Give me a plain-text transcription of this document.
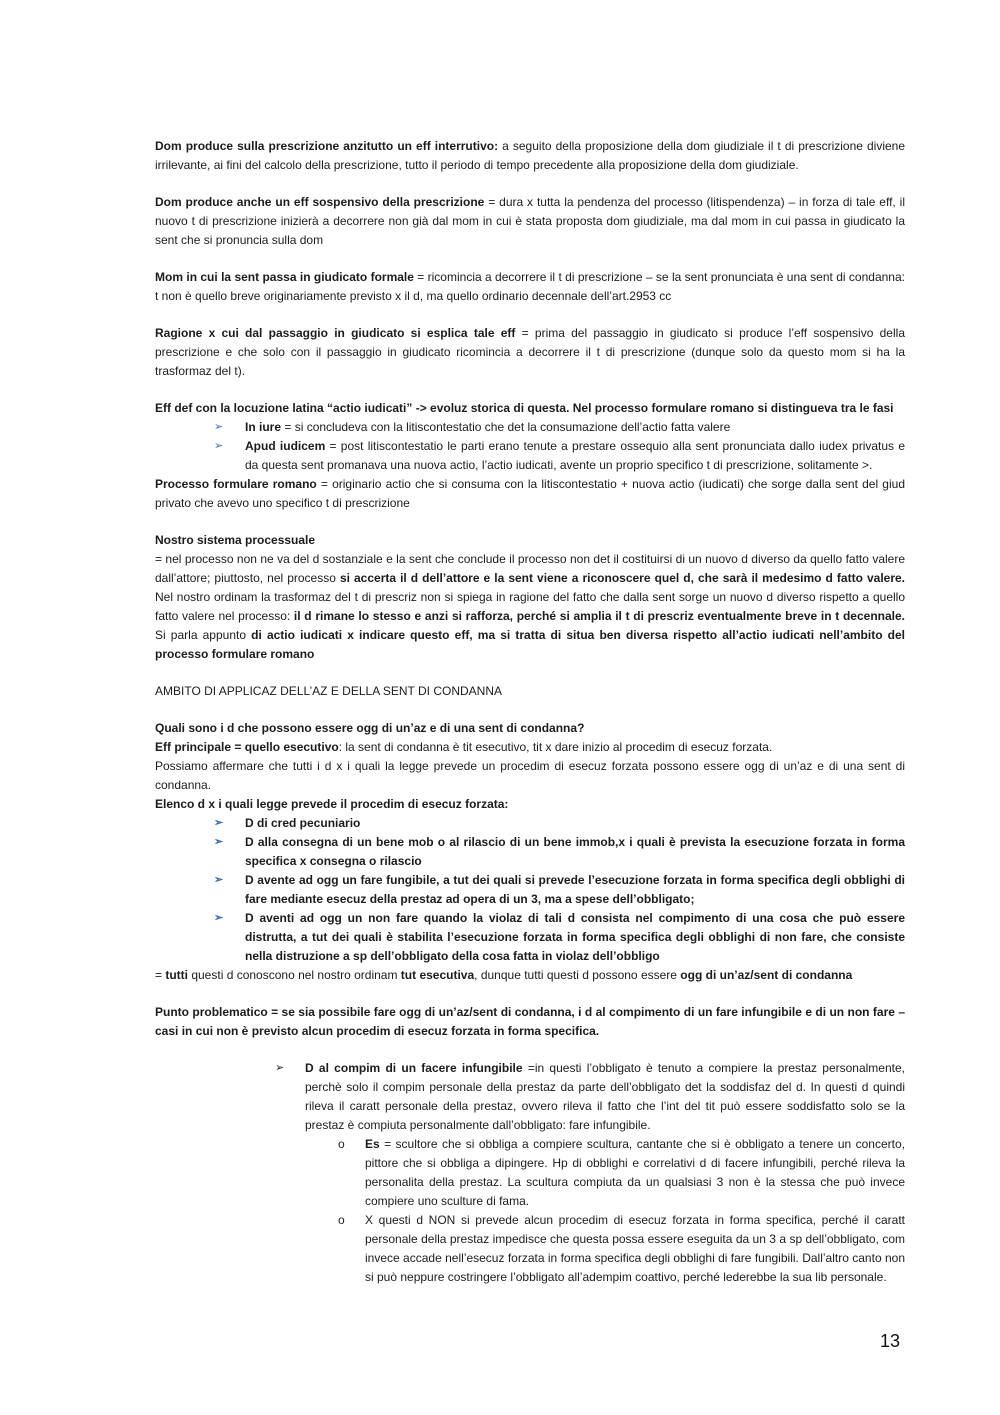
Dom produce sulla prescrizione anzitutto un eff interrutivo: a seguito della proposizione della dom giudiziale il t di prescrizione diviene irrilevante, ai fini del calcolo della prescrizione, tutto il periodo di tempo precedente alla proposizione della dom giudiziale.

Dom produce anche un eff sospensivo della prescrizione = dura x tutta la pendenza del processo (litispendenza) – in forza di tale eff, il nuovo t di prescrizione inizierà a decorrere non già dal mom in cui è stata proposta dom giudiziale, ma dal mom in cui passa in giudicato la sent che si pronuncia sulla dom

Mom in cui la sent passa in giudicato formale = ricomincia a decorrere il t di prescrizione – se la sent pronunciata è una sent di condanna: t non è quello breve originariamente previsto x il d, ma quello ordinario decennale dell’art.2953 cc

Ragione x cui dal passaggio in giudicato si esplica tale eff = prima del passaggio in giudicato si produce l’eff sospensivo della prescrizione e che solo con il passaggio in giudicato ricomincia a decorrere il t di prescrizione (dunque solo da questo mom si ha la trasformaz del t).

Eff def con la locuzione latina “actio iudicati” -> evoluz storica di questa. Nel processo formulare romano si distingueva tra le fasi

➢ In iure = si concludeva con la litiscontestatio che det la consumazione dell’actio fatta valere
➢ Apud iudicem = post litiscontestatio le parti erano tenute a prestare ossequio alla sent pronunciata dallo iudex privatus e da questa sent promanava una nuova actio, l’actio iudicati, avente un proprio specifico t di prescrizione, solitamente >.

Processo formulare romano = originario actio che si consuma con la litiscontestatio + nuova actio (iudicati) che sorge dalla sent del giud privato che avevo uno specifico t di prescrizione

Nostro sistema processuale

= nel processo non ne va del d sostanziale e la sent che conclude il processo non det il costituirsi di un nuovo d diverso da quello fatto valere dall’attore; piuttosto, nel processo si accerta il d dell’attore e la sent viene a riconoscere quel d, che sarà il medesimo d fatto valere. Nel nostro ordinam la trasformaz del t di prescriz non si spiega in ragione del fatto che dalla sent sorge un nuovo d diverso rispetto a quello fatto valere nel processo: il d rimane lo stesso e anzi si rafforza, perché si amplia il t di prescriz eventualmente breve in t decennale. Si parla appunto di actio iudicati x indicare questo eff, ma si tratta di situa ben diversa rispetto all’actio iudicati nell’ambito del processo formulare romano

AMBITO DI APPLICAZ DELL’AZ E DELLA SENT DI CONDANNA

Quali sono i d che possono essere ogg di un’az e di una sent di condanna?

Eff principale = quello esecutivo: la sent di condanna è tit esecutivo, tit x dare inizio al procedim di esecuz forzata.

Possiamo affermare che tutti i d x i quali la legge prevede un procedim di esecuz forzata possono essere ogg di un’az e di una sent di condanna.

Elenco d x i quali legge prevede il procedim di esecuz forzata:

➢ D di cred pecuniario
➢ D alla consegna di un bene mob o al rilascio di un bene immob,x i quali è prevista la esecuzione forzata in forma specifica x consegna o rilascio
➢ D avente ad ogg un fare fungibile, a tut dei quali si prevede l’esecuzione forzata in forma specifica degli obblighi di fare mediante esecuz della prestaz ad opera di un 3, ma a spese dell’obbligato;
➢ D aventi ad ogg un non fare quando la violaz di tali d consista nel compimento di una cosa che può essere distrutta, a tut dei quali è stabilita l’esecuzione forzata in forma specifica degli obblighi di non fare, che consiste nella distruzione a sp dell’obbligato della cosa fatta in violaz dell’obbligo

= tutti questi d conoscono nel nostro ordinam tut esecutiva, dunque tutti questi d possono essere ogg di un’az/sent di condanna

Punto problematico = se sia possibile fare ogg di un’az/sent di condanna, i d al compimento di un fare infungibile e di un non fare – casi in cui non è previsto alcun procedim di esecuz forzata in forma specifica.

➢ D al compim di un facere infungibile =in questi l’obbligato è tenuto a compiere la prestaz personalmente, perchè solo il compim personale della prestaz da parte dell’obbligato det la soddisfaz del d. In questi d quindi rileva il caratt personale della prestaz, ovvero rileva il fatto che l’int del tit può essere soddisfatto solo se la prestaz è compiuta personalmente dall’obbligato: fare infungibile.

o Es = scultore che si obbliga a compiere scultura, cantante che si è obbligato a tenere un concerto, pittore che si obbliga a dipingere. Hp di obblighi e correlativi d di facere infungibili, perché rileva la personalita della prestaz. La scultura compiuta da un qualsiasi 3 non è la stessa che può invece compiere uno sculture di fama.
o X questi d NON si prevede alcun procedim di esecuz forzata in forma specifica, perché il caratt personale della prestaz impedisce che questa possa essere eseguita da un 3 a sp dell’obbligato, com invece accade nell’esecuz forzata in forma specifica degli obblighi di fare fungibili. Dall’altro canto non si può neppure costringere l’obbligato all’adempim coattivo, perché lederebbe la sua lib personale.
13
